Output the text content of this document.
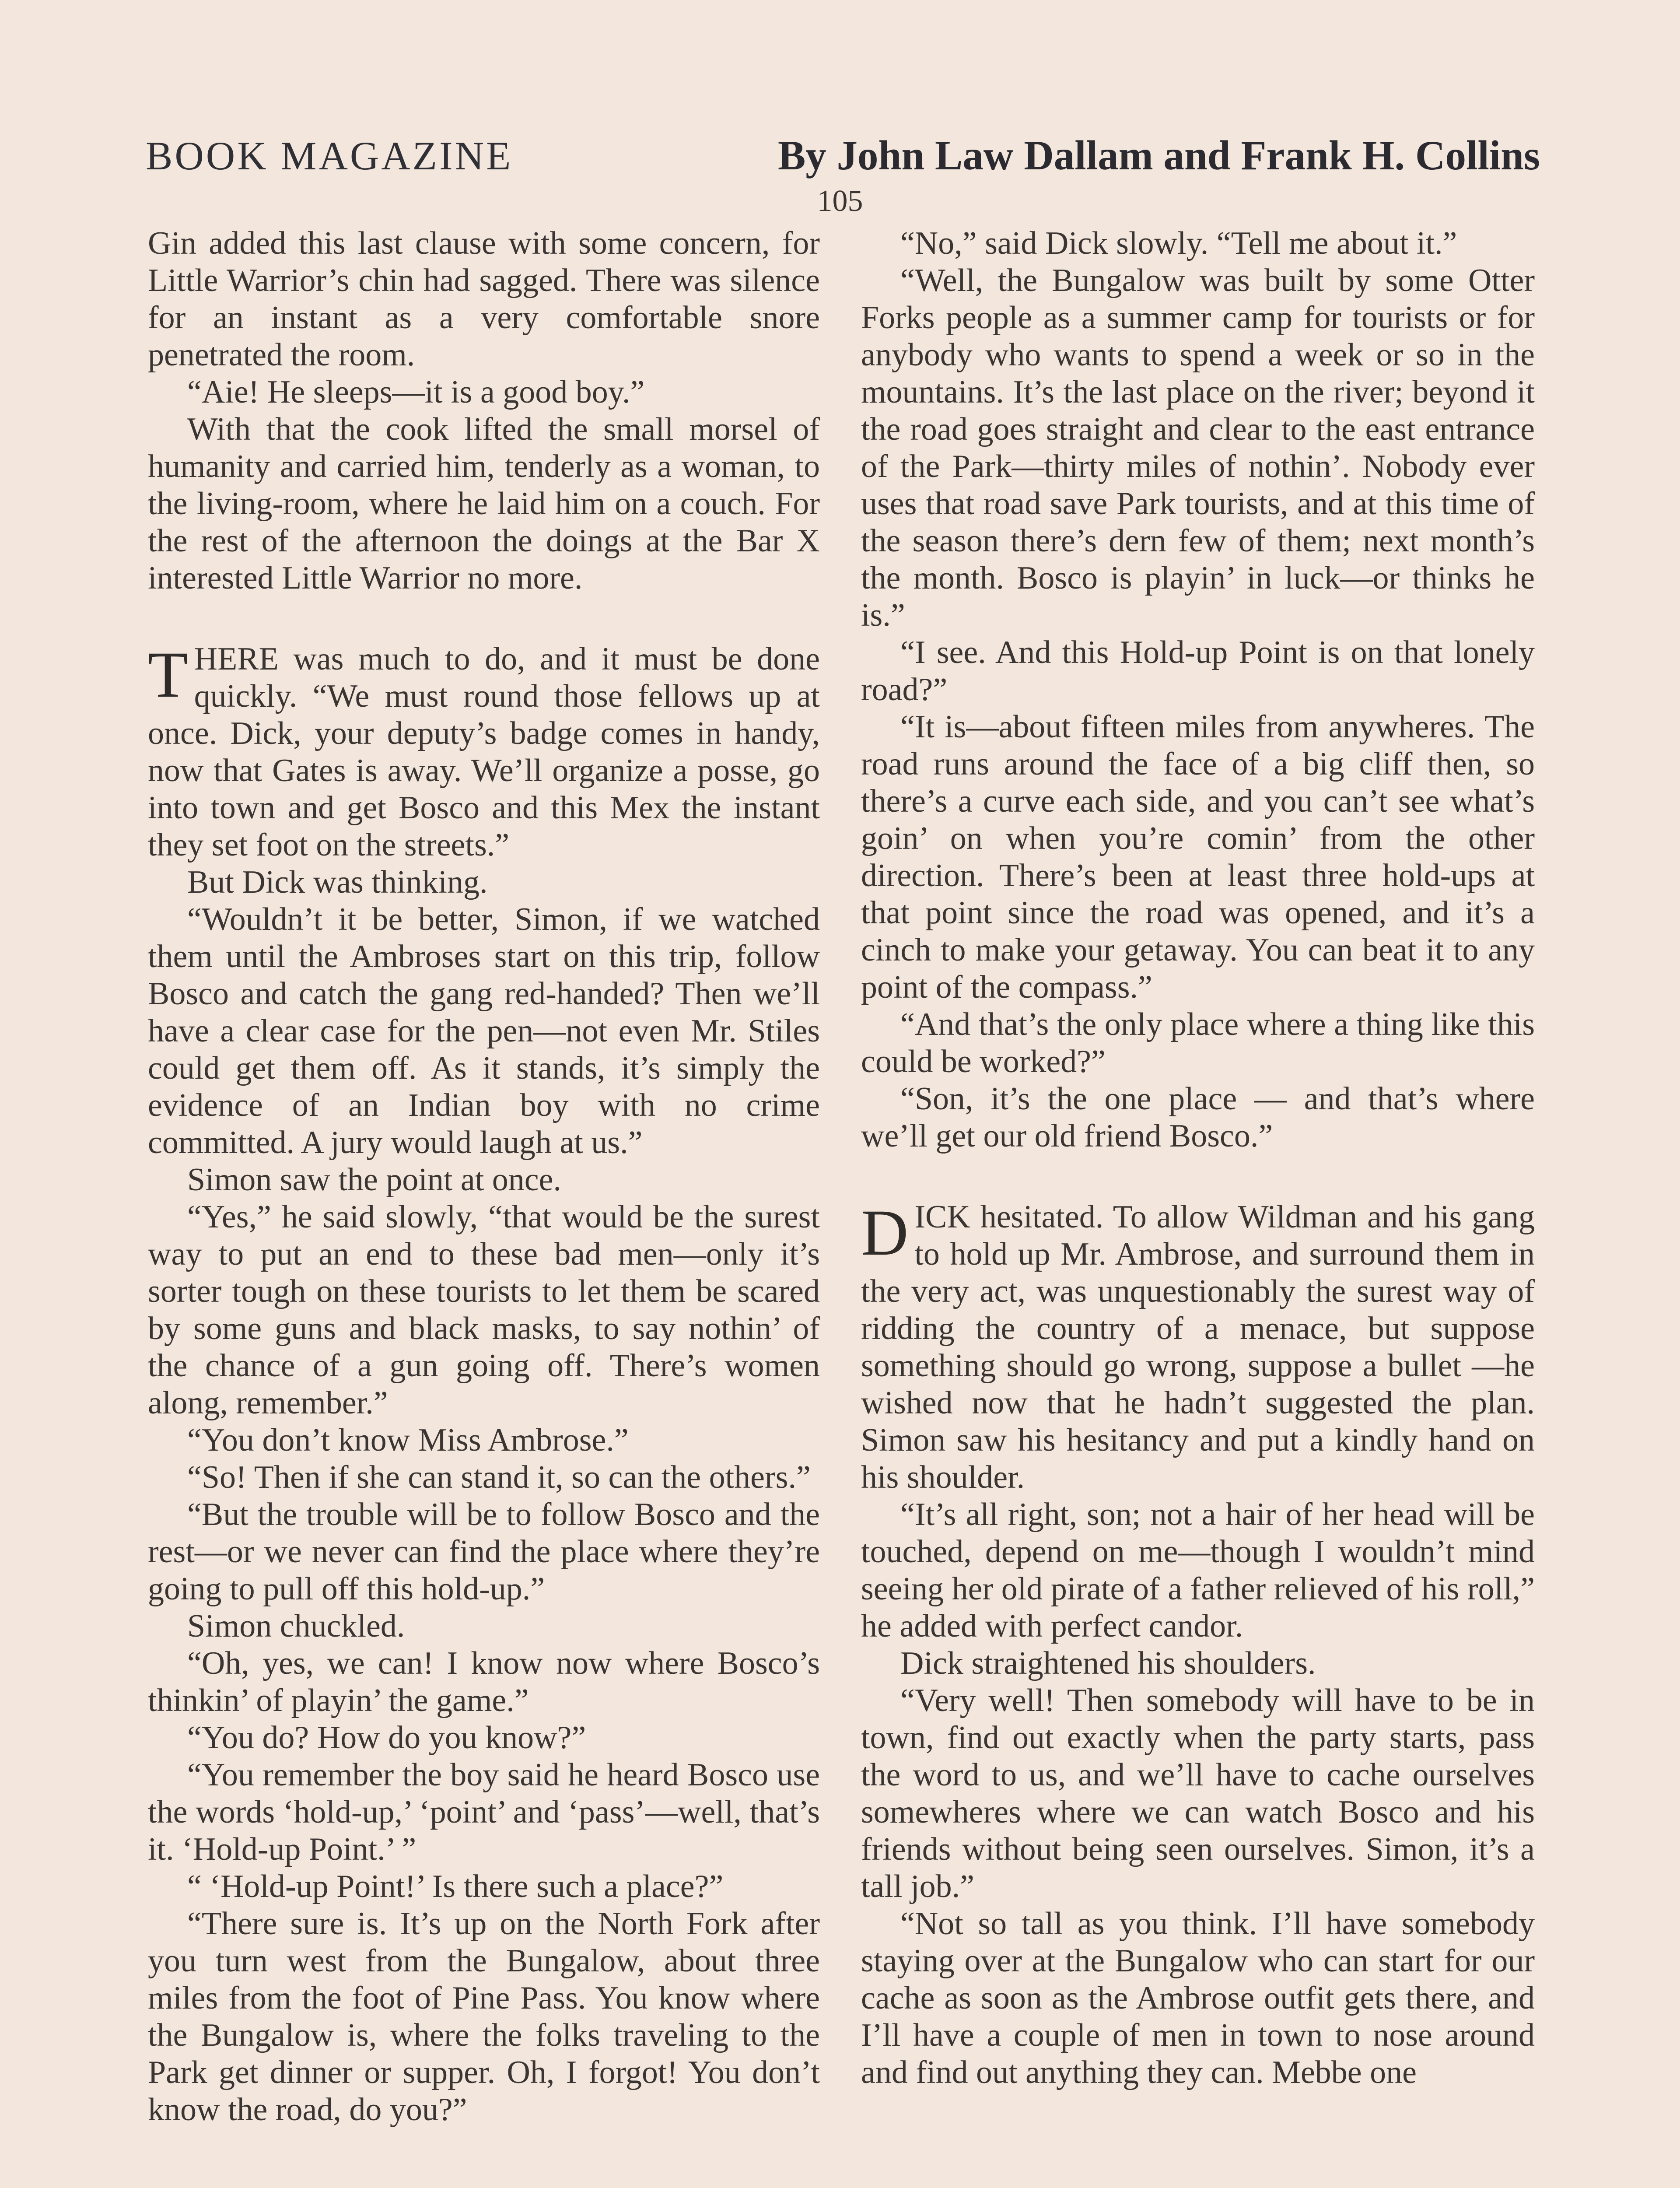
BOOK MAGAZINE	By John Law Dallam and Frank H. Collins
105

Gin added this last clause with some concern, for Little Warrior’s chin had sagged. There was silence for an instant as a very comfortable snore penetrated the room.

“Aie! He sleeps—it is a good boy.”

With that the cook lifted the small morsel of humanity and carried him, tenderly as a woman, to the living-room, where he laid him on a couch. For the rest of the afternoon the doings at the Bar X interested Little Warrior no more.

THERE was much to do, and it must be done quickly. “We must round those fellows up at once. Dick, your deputy’s badge comes in handy, now that Gates is away. We’ll organize a posse, go into town and get Bosco and this Mex the instant they set foot on the streets.”

But Dick was thinking.

“Wouldn’t it be better, Simon, if we watched them until the Ambroses start on this trip, follow Bosco and catch the gang red-handed? Then we’ll have a clear case for the pen—not even Mr. Stiles could get them off. As it stands, it’s simply the evidence of an Indian boy with no crime committed. A jury would laugh at us.”

Simon saw the point at once.

“Yes,” he said slowly, “that would be the surest way to put an end to these bad men—only it’s sorter tough on these tourists to let them be scared by some guns and black masks, to say nothin’ of the chance of a gun going off. There’s women along, remember.”

“You don’t know Miss Ambrose.”

“So! Then if she can stand it, so can the others.”

“But the trouble will be to follow Bosco and the rest—or we never can find the place where they’re going to pull off this hold-up.”

Simon chuckled.

“Oh, yes, we can! I know now where Bosco’s thinkin’ of playin’ the game.”

“You do? How do you know?”

“You remember the boy said he heard Bosco use the words ‘hold-up,’ ‘point’ and ‘pass’—well, that’s it. ‘Hold-up Point.’ ”

“ ‘Hold-up Point!’ Is there such a place?”

“There sure is. It’s up on the North Fork after you turn west from the Bungalow, about three miles from the foot of Pine Pass. You know where the Bungalow is, where the folks traveling to the Park get dinner or supper. Oh, I forgot! You don’t know the road, do you?”

“No,” said Dick slowly. “Tell me about it.”

“Well, the Bungalow was built by some Otter Forks people as a summer camp for tourists or for anybody who wants to spend a week or so in the mountains. It’s the last place on the river; beyond it the road goes straight and clear to the east entrance of the Park—thirty miles of nothin’. Nobody ever uses that road save Park tourists, and at this time of the season there’s dern few of them; next month’s the month. Bosco is playin’ in luck—or thinks he is.”

“I see. And this Hold-up Point is on that lonely road?”

“It is—about fifteen miles from anywheres. The road runs around the face of a big cliff then, so there’s a curve each side, and you can’t see what’s goin’ on when you’re comin’ from the other direction. There’s been at least three hold-ups at that point since the road was opened, and it’s a cinch to make your getaway. You can beat it to any point of the compass.”

“And that’s the only place where a thing like this could be worked?”

“Son, it’s the one place — and that’s where we’ll get our old friend Bosco.”

DICK hesitated. To allow Wildman and his gang to hold up Mr. Ambrose, and surround them in the very act, was unquestionably the surest way of ridding the country of a menace, but suppose something should go wrong, suppose a bullet —he wished now that he hadn’t suggested the plan. Simon saw his hesitancy and put a kindly hand on his shoulder.

“It’s all right, son; not a hair of her head will be touched, depend on me—though I wouldn’t mind seeing her old pirate of a father relieved of his roll,” he added with perfect candor.

Dick straightened his shoulders.

“Very well! Then somebody will have to be in town, find out exactly when the party starts, pass the word to us, and we’ll have to cache ourselves somewheres where we can watch Bosco and his friends without being seen ourselves. Simon, it’s a tall job.”

“Not so tall as you think. I’ll have somebody staying over at the Bungalow who can start for our cache as soon as the Ambrose outfit gets there, and I’ll have a couple of men in town to nose around and find out anything they can. Mebbe one
